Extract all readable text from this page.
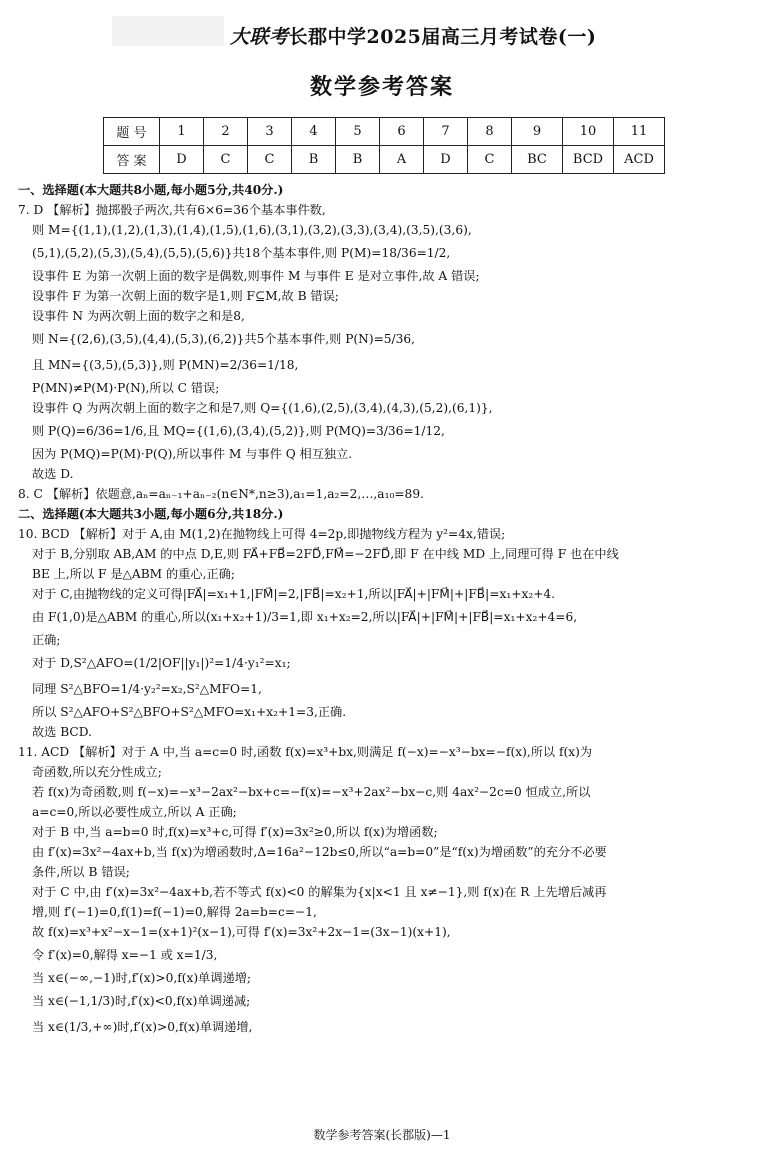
大联考长郡中学2025届高三月考试卷(一)
数学参考答案
题 号	1	2	3	4	5	6	7	8	9	10	11
答 案	D	C	C	B	B	A	D	C	BC	BCD	ACD
一、选择题(本大题共8小题,每小题5分,共40分.)
7. D 【解析】抛掷骰子两次,共有6×6=36个基本事件数,
则 M={(1,1),(1,2),(1,3),(1,4),(1,5),(1,6),(3,1),(3,2),(3,3),(3,4),(3,5),(3,6),
(5,1),(5,2),(5,3),(5,4),(5,5),(5,6)}共18个基本事件,则 P(M)=18/36=1/2,
设事件 E 为第一次朝上面的数字是偶数,则事件 M 与事件 E 是对立事件,故 A 错误;
设事件 F 为第一次朝上面的数字是1,则 F⊆M,故 B 错误;
设事件 N 为两次朝上面的数字之和是8,
则 N={(2,6),(3,5),(4,4),(5,3),(6,2)}共5个基本事件,则 P(N)=5/36,
且 MN={(3,5),(5,3)},则 P(MN)=2/36=1/18,
P(MN)≠P(M)·P(N),所以 C 错误;
设事件 Q 为两次朝上面的数字之和是7,则 Q={(1,6),(2,5),(3,4),(4,3),(5,2),(6,1)},
则 P(Q)=6/36=1/6,且 MQ={(1,6),(3,4),(5,2)},则 P(MQ)=3/36=1/12,
因为 P(MQ)=P(M)·P(Q),所以事件 M 与事件 Q 相互独立.
故选 D.
8. C 【解析】依题意,aₙ=aₙ₋₁+aₙ₋₂(n∈N*,n≥3),a₁=1,a₂=2,…,a₁₀=89.
二、选择题(本大题共3小题,每小题6分,共18分.)
10. BCD 【解析】对于 A,由 M(1,2)在抛物线上可得 4=2p,即抛物线方程为 y²=4x,错误;
对于 B,分别取 AB,AM 的中点 D,E,则 FA⃗+FB⃗=2FD⃗,FM⃗=−2FD⃗,即 F 在中线 MD 上,同理可得 F 也在中线
BE 上,所以 F 是△ABM 的重心,正确;
对于 C,由抛物线的定义可得|FA⃗|=x₁+1,|FM⃗|=2,|FB⃗|=x₂+1,所以|FA⃗|+|FM⃗|+|FB⃗|=x₁+x₂+4.
由 F(1,0)是△ABM 的重心,所以(x₁+x₂+1)/3=1,即 x₁+x₂=2,所以|FA⃗|+|FM⃗|+|FB⃗|=x₁+x₂+4=6,
正确;
对于 D,S²△AFO=(1/2|OF||y₁|)²=1/4·y₁²=x₁;
同理 S²△BFO=1/4·y₂²=x₂,S²△MFO=1,
所以 S²△AFO+S²△BFO+S²△MFO=x₁+x₂+1=3,正确.
故选 BCD.
11. ACD 【解析】对于 A 中,当 a=c=0 时,函数 f(x)=x³+bx,则满足 f(−x)=−x³−bx=−f(x),所以 f(x)为
奇函数,所以充分性成立;
若 f(x)为奇函数,则 f(−x)=−x³−2ax²−bx+c=−f(x)=−x³+2ax²−bx−c,则 4ax²−2c=0 恒成立,所以
a=c=0,所以必要性成立,所以 A 正确;
对于 B 中,当 a=b=0 时,f(x)=x³+c,可得 f′(x)=3x²≥0,所以 f(x)为增函数;
由 f′(x)=3x²−4ax+b,当 f(x)为增函数时,Δ=16a²−12b≤0,所以“a=b=0”是“f(x)为增函数”的充分不必要
条件,所以 B 错误;
对于 C 中,由 f′(x)=3x²−4ax+b,若不等式 f(x)<0 的解集为{x|x<1 且 x≠−1},则 f(x)在 R 上先增后减再
增,则 f′(−1)=0,f(1)=f(−1)=0,解得 2a=b=c=−1,
故 f(x)=x³+x²−x−1=(x+1)²(x−1),可得 f′(x)=3x²+2x−1=(3x−1)(x+1),
令 f′(x)=0,解得 x=−1 或 x=1/3,
当 x∈(−∞,−1)时,f′(x)>0,f(x)单调递增;
当 x∈(−1,1/3)时,f′(x)<0,f(x)单调递减;
当 x∈(1/3,+∞)时,f′(x)>0,f(x)单调递增,
数学参考答案(长郡版)—1
